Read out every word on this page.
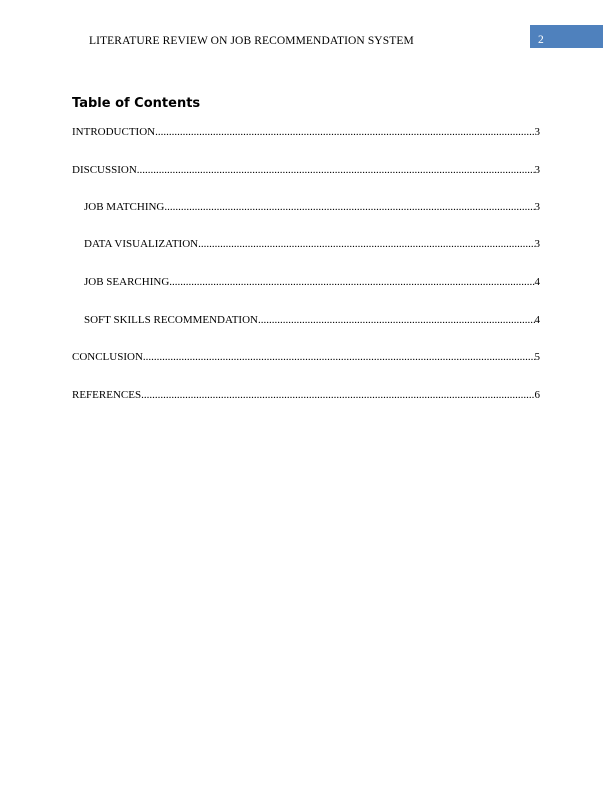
LITERATURE REVIEW ON JOB RECOMMENDATION SYSTEM	2
Table of Contents
INTRODUCTION .....	3
DISCUSSION .....	3
JOB MATCHING .....	3
DATA VISUALIZATION .....	3
JOB SEARCHING .....	4
SOFT SKILLS RECOMMENDATION .....	4
CONCLUSION .....	5
REFERENCES .....	6
